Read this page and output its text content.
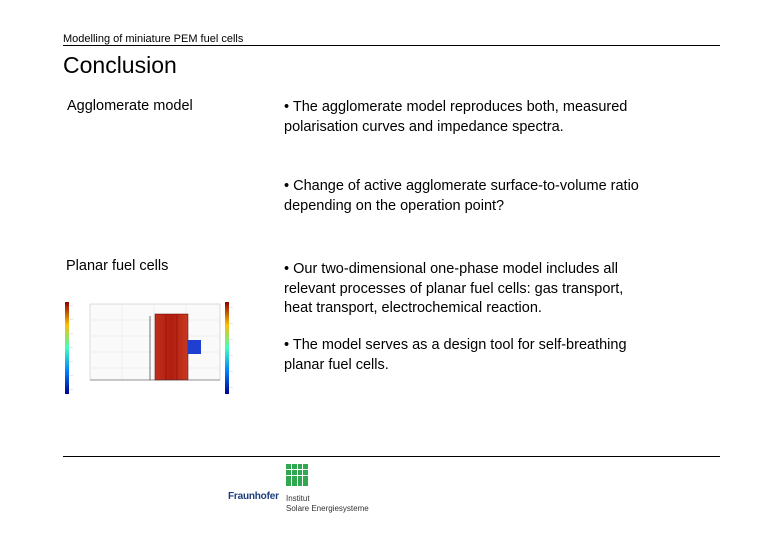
Modelling of miniature PEM fuel cells
Conclusion
Agglomerate model	• The agglomerate model reproduces both, measured polarisation curves and impedance spectra.
• Change of active agglomerate surface-to-volume ratio depending on the operation point?
Planar fuel cells	• Our two-dimensional one-phase model includes all relevant processes of planar fuel cells: gas transport, heat transport, electrochemical reaction.
• The model serves as a design tool for self-breathing planar fuel cells.
—
—
—
—
—
—
—
—
—
—
—
—
—
·	·	·	·	·	·	·	·	·
ISE
Fraunhofer Institut
Solare Energiesysteme
